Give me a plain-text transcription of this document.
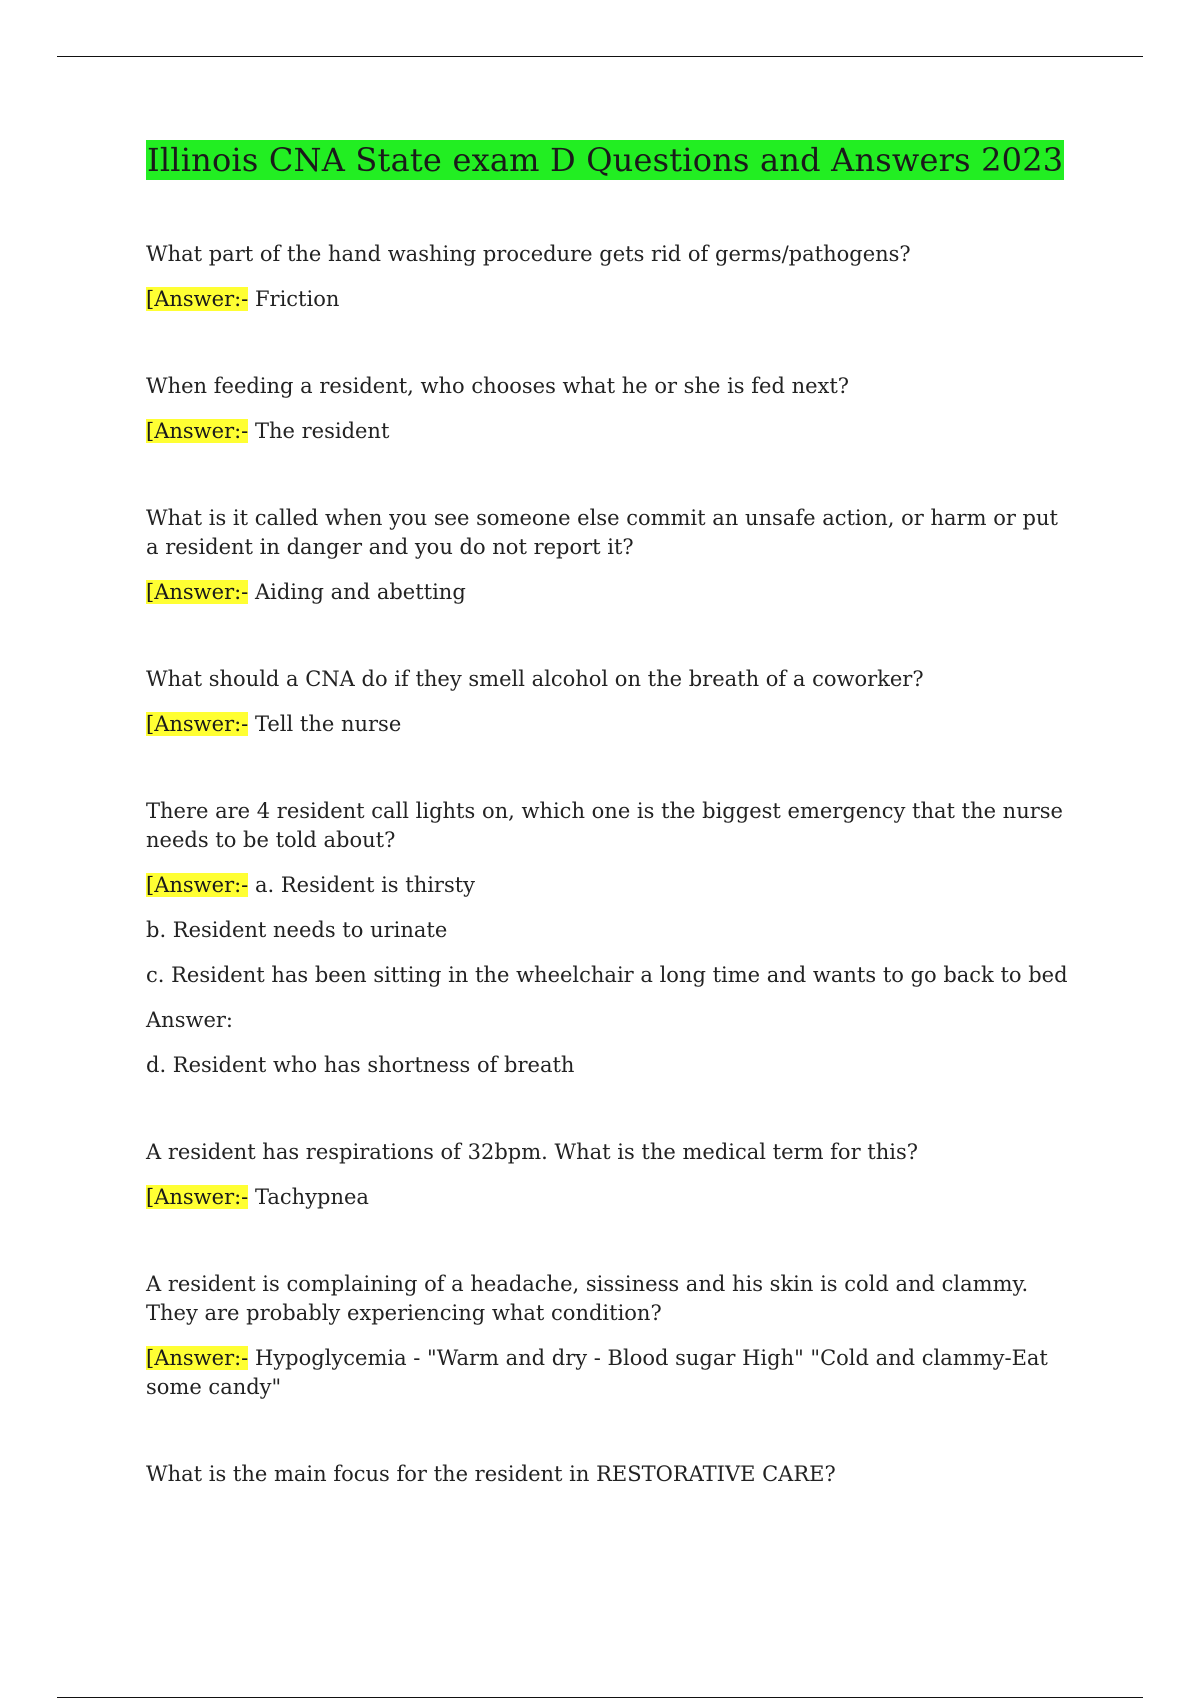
Illinois CNA State exam D Questions and Answers 2023

What part of the hand washing procedure gets rid of germs/pathogens?

[Answer:- Friction

When feeding a resident, who chooses what he or she is fed next?

[Answer:- The resident

What is it called when you see someone else commit an unsafe action, or harm or put a resident in danger and you do not report it?

[Answer:- Aiding and abetting

What should a CNA do if they smell alcohol on the breath of a coworker?

[Answer:- Tell the nurse

There are 4 resident call lights on, which one is the biggest emergency that the nurse needs to be told about?

[Answer:- a. Resident is thirsty

b. Resident needs to urinate

c. Resident has been sitting in the wheelchair a long time and wants to go back to bed

Answer:

d. Resident who has shortness of breath

A resident has respirations of 32bpm. What is the medical term for this?

[Answer:- Tachypnea

A resident is complaining of a headache, sissiness and his skin is cold and clammy. They are probably experiencing what condition?

[Answer:- Hypoglycemia - "Warm and dry - Blood sugar High" "Cold and clammy-Eat some candy"

What is the main focus for the resident in RESTORATIVE CARE?
